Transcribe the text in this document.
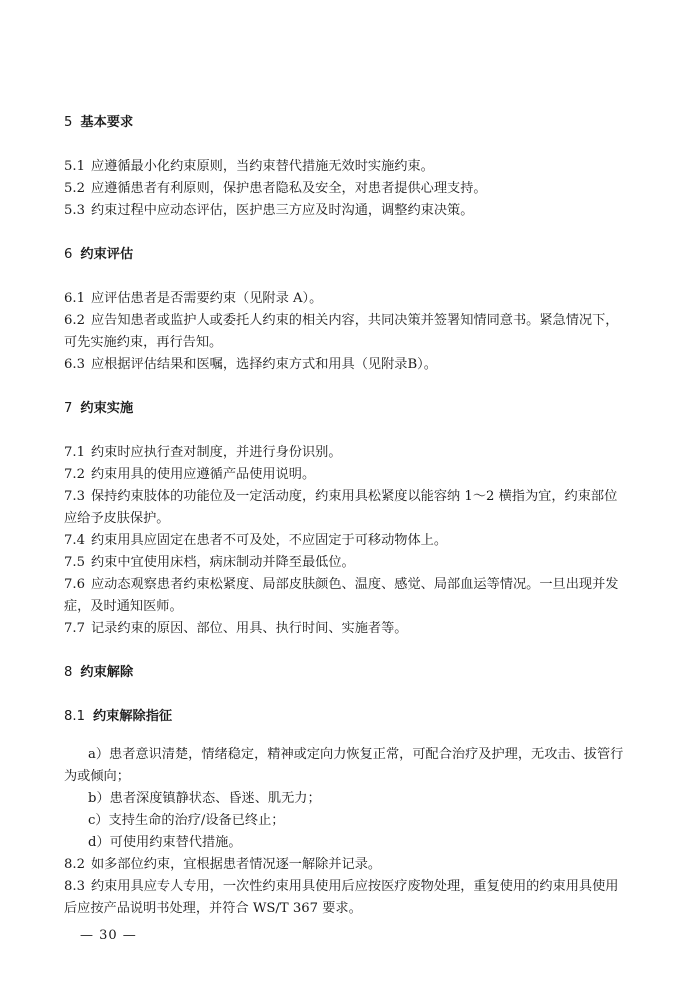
5 基本要求

5.1 应遵循最小化约束原则，当约束替代措施无效时实施约束。

5.2 应遵循患者有利原则，保护患者隐私及安全，对患者提供心理支持。

5.3 约束过程中应动态评估，医护患三方应及时沟通，调整约束决策。

6 约束评估

6.1 应评估患者是否需要约束（见附录 A）。

6.2 应告知患者或监护人或委托人约束的相关内容，共同决策并签署知情同意书。紧急情况下，可先实施约束，再行告知。

6.3 应根据评估结果和医嘱，选择约束方式和用具（见附录B）。

7 约束实施

7.1 约束时应执行查对制度，并进行身份识别。

7.2 约束用具的使用应遵循产品使用说明。

7.3 保持约束肢体的功能位及一定活动度，约束用具松紧度以能容纳 1～2 横指为宜，约束部位应给予皮肤保护。

7.4 约束用具应固定在患者不可及处，不应固定于可移动物体上。

7.5 约束中宜使用床档，病床制动并降至最低位。

7.6 应动态观察患者约束松紧度、局部皮肤颜色、温度、感觉、局部血运等情况。一旦出现并发症，及时通知医师。

7.7 记录约束的原因、部位、用具、执行时间、实施者等。

8 约束解除

8.1 约束解除指征

a）患者意识清楚，情绪稳定，精神或定向力恢复正常，可配合治疗及护理，无攻击、拔管行为或倾向；

b）患者深度镇静状态、昏迷、肌无力；

c）支持生命的治疗/设备已终止；

d）可使用约束替代措施。

8.2 如多部位约束，宜根据患者情况逐一解除并记录。

8.3 约束用具应专人专用，一次性约束用具使用后应按医疗废物处理，重复使用的约束用具使用后应按产品说明书处理，并符合 WS/T 367 要求。

— 30 —
